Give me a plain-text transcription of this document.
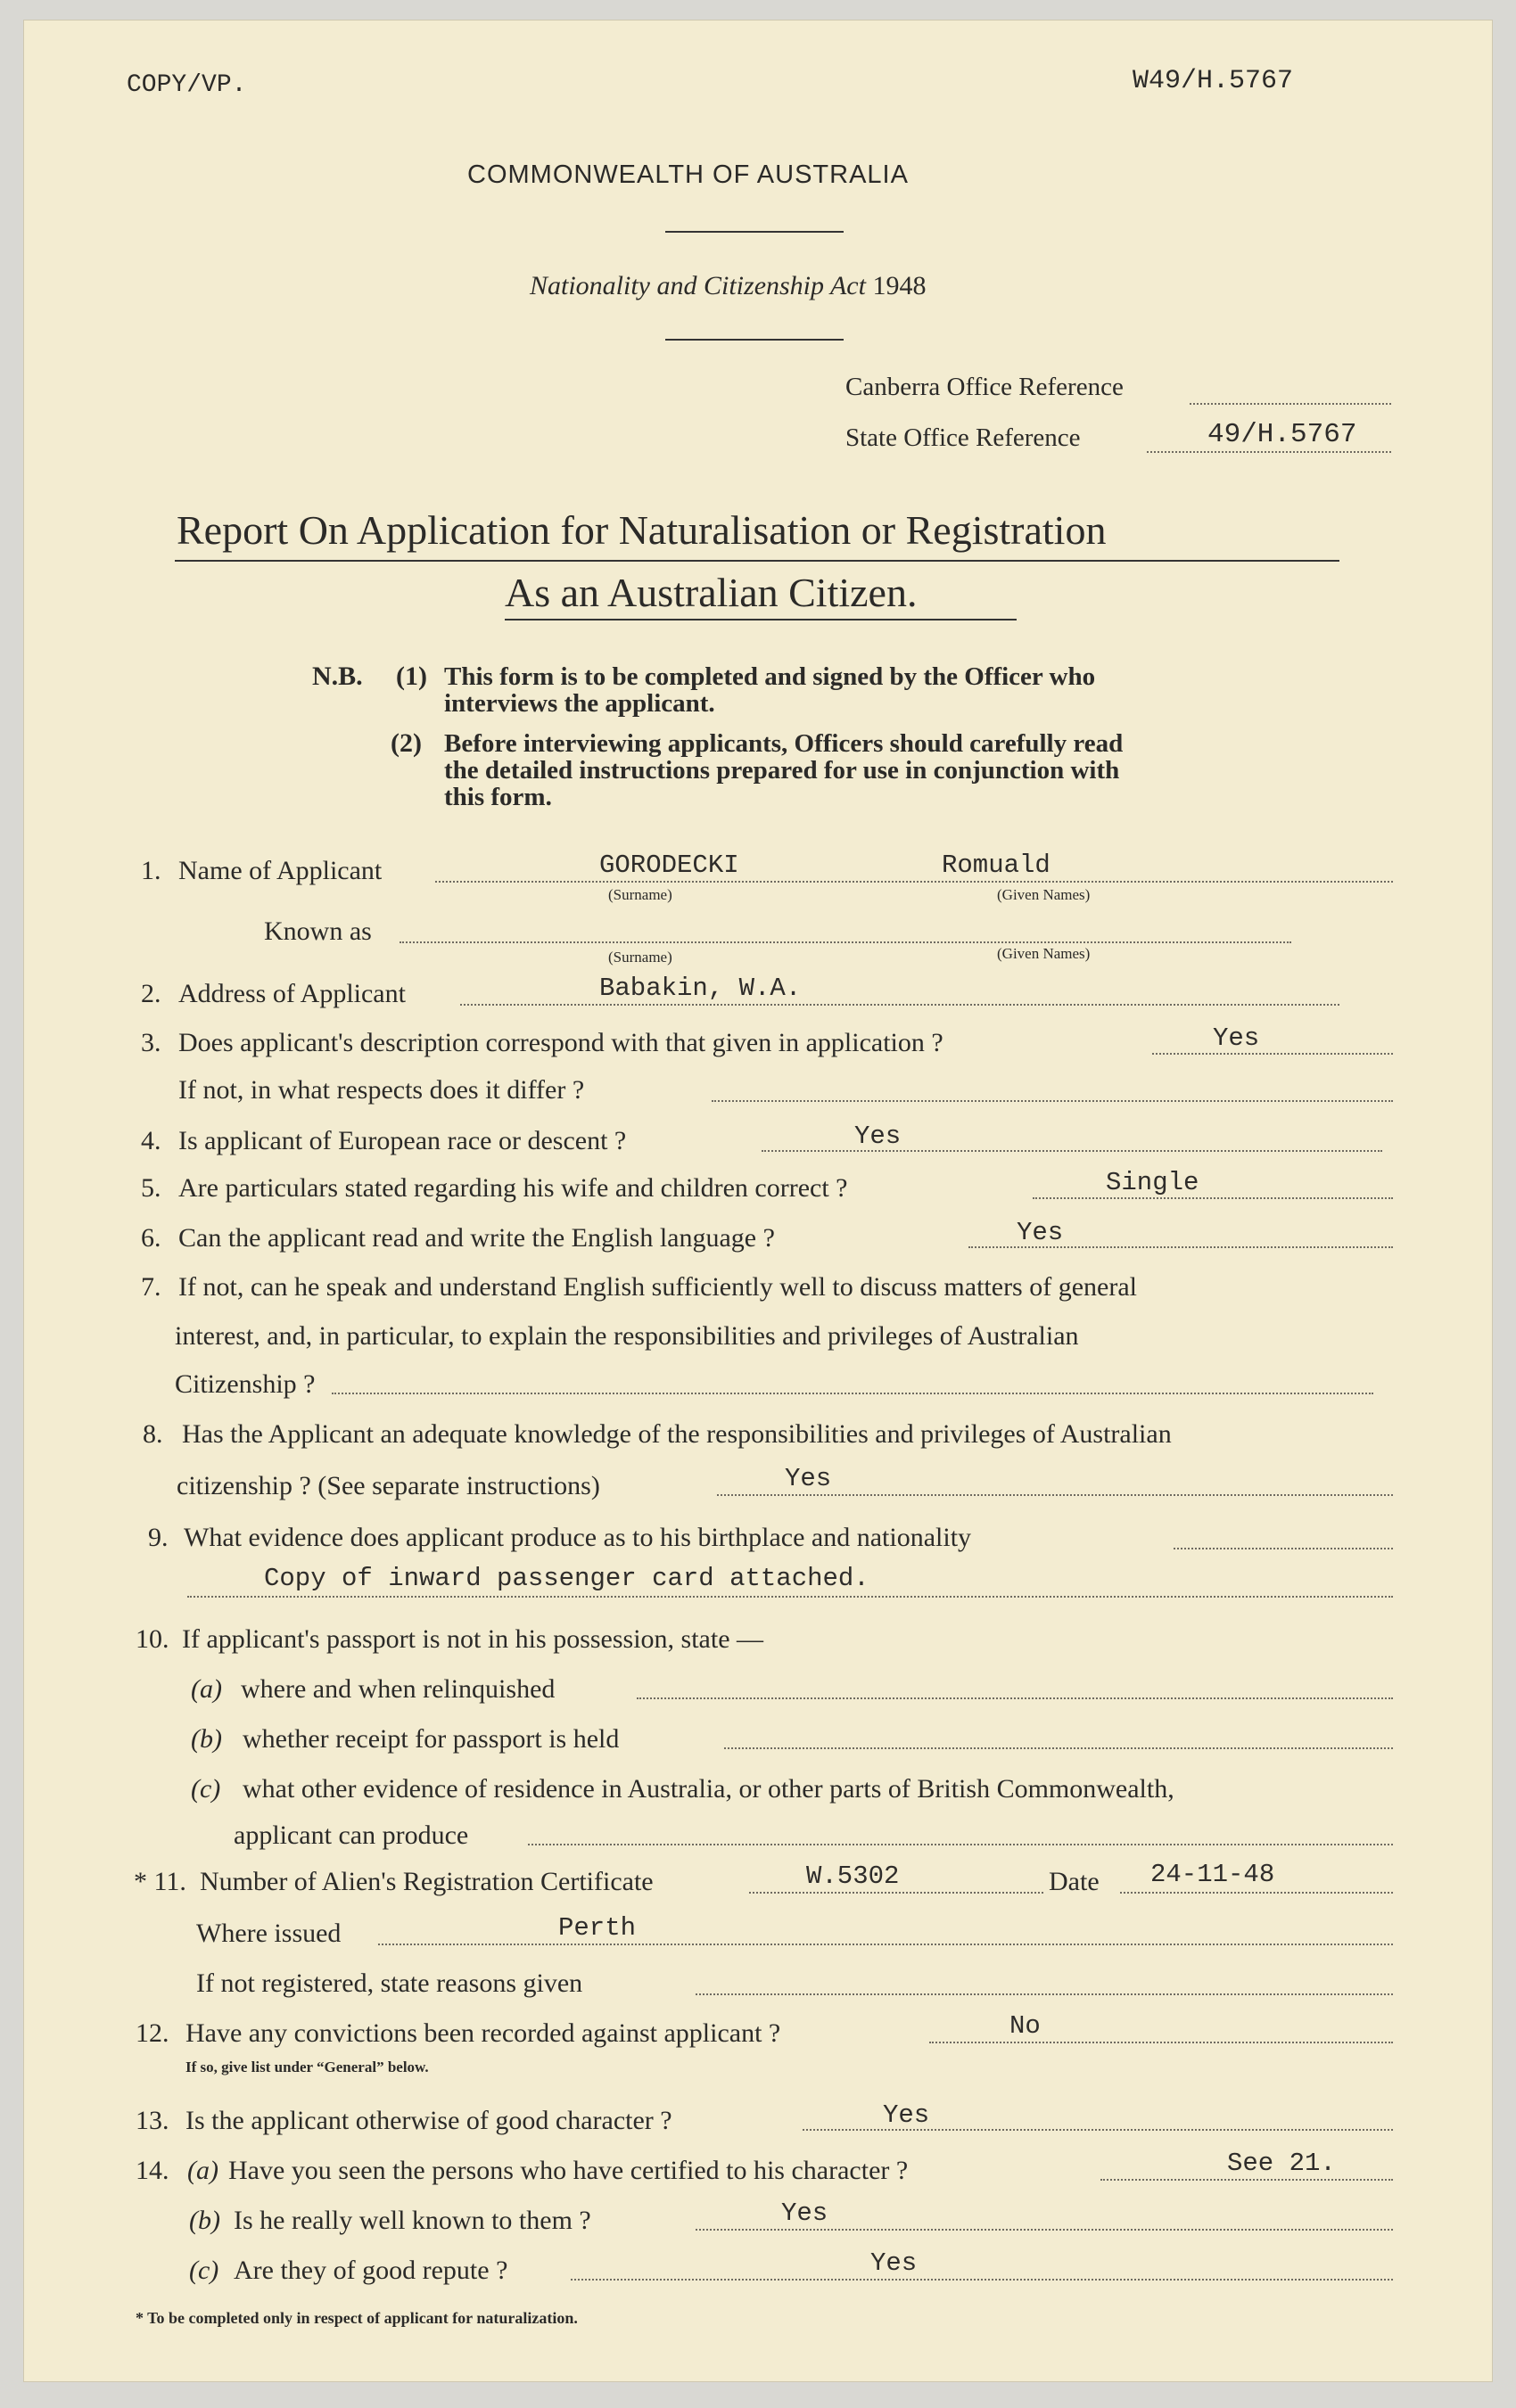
COPY/VP.	W49/H.5767
COMMONWEALTH OF AUSTRALIA
Nationality and Citizenship Act 1948
Canberra Office Reference
State Office Reference	49/H.5767
Report On Application for Naturalisation or Registration
As an Australian Citizen.
N.B. (1) This form is to be completed and signed by the Officer who
interviews the applicant.
(2) Before interviewing applicants, Officers should carefully read
the detailed instructions prepared for use in conjunction with
this form.
1. Name of Applicant	GORODECKI	Romuald
(Surname)	(Given Names)
Known as
(Surname)	(Given Names)
2. Address of Applicant	Babakin, W.A.
3. Does applicant's description correspond with that given in application ?	Yes
If not, in what respects does it differ ?
4. Is applicant of European race or descent ?	Yes
5. Are particulars stated regarding his wife and children correct ?	Single
6. Can the applicant read and write the English language ?	Yes
7. If not, can he speak and understand English sufficiently well to discuss matters of general
interest, and, in particular, to explain the responsibilities and privileges of Australian
Citizenship ?
8. Has the Applicant an adequate knowledge of the responsibilities and privileges of Australian
citizenship ? (See separate instructions)	Yes
9. What evidence does applicant produce as to his birthplace and nationality
Copy of inward passenger card attached.
10. If applicant's passport is not in his possession, state —
(a) where and when relinquished
(b) whether receipt for passport is held
(c) what other evidence of residence in Australia, or other parts of British Commonwealth,
applicant can produce
* 11. Number of Alien's Registration Certificate	W.5302	Date 24-11-48
Where issued	Perth
If not registered, state reasons given
12. Have any convictions been recorded against applicant ?	No
If so, give list under “General” below.
13. Is the applicant otherwise of good character ?	Yes
14. (a) Have you seen the persons who have certified to his character ?	See 21.
(b) Is he really well known to them ?	Yes
(c) Are they of good repute ?	Yes
* To be completed only in respect of applicant for naturalization.
